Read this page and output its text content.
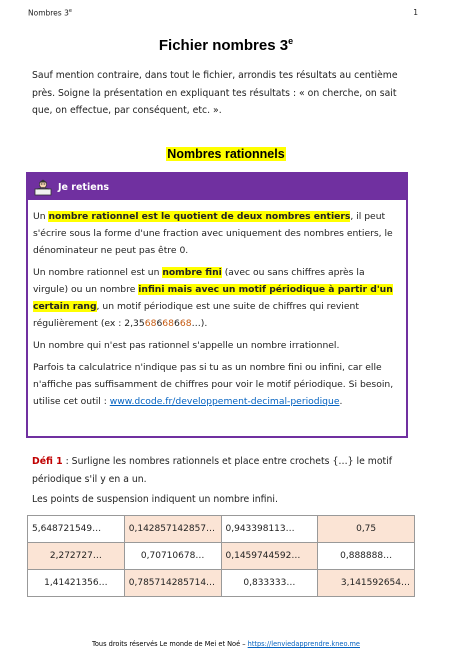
Nombres 3e	1
Fichier nombres 3e

Sauf mention contraire, dans tout le fichier, arrondis tes résultats au centième près. Soigne la présentation en expliquant tes résultats : « on cherche, on sait que, on effectue, par conséquent, etc. ».

Nombres rationnels
Je retiens

Un nombre rationnel est le quotient de deux nombres entiers, il peut s'écrire sous la forme d'une fraction avec uniquement des nombres entiers, le dénominateur ne peut pas être 0.

Un nombre rationnel est un nombre fini (avec ou sans chiffres après la virgule) ou un nombre infini mais avec un motif périodique à partir d'un certain rang, un motif périodique est une suite de chiffres qui revient régulièrement (ex : 2,3568668668…).

Un nombre qui n'est pas rationnel s'appelle un nombre irrationnel.

Parfois ta calculatrice n'indique pas si tu as un nombre fini ou infini, car elle n'affiche pas suffisamment de chiffres pour voir le motif périodique. Si besoin, utilise cet outil : www.dcode.fr/developpement-decimal-periodique.

Défi 1 : Surligne les nombres rationnels et place entre crochets {…} le motif périodique s'il y en a un.

Les points de suspension indiquent un nombre infini.

5,648721549…	0,142857142857…	0,943398113…	0,75
2,272727…	0,70710678…	0,1459744592…	0,888888…
1,41421356…	0,785714285714…	0,833333…	3,141592654…
Tous droits réservés Le monde de Mei et Noé – https://lenviedapprendre.kneo.me
